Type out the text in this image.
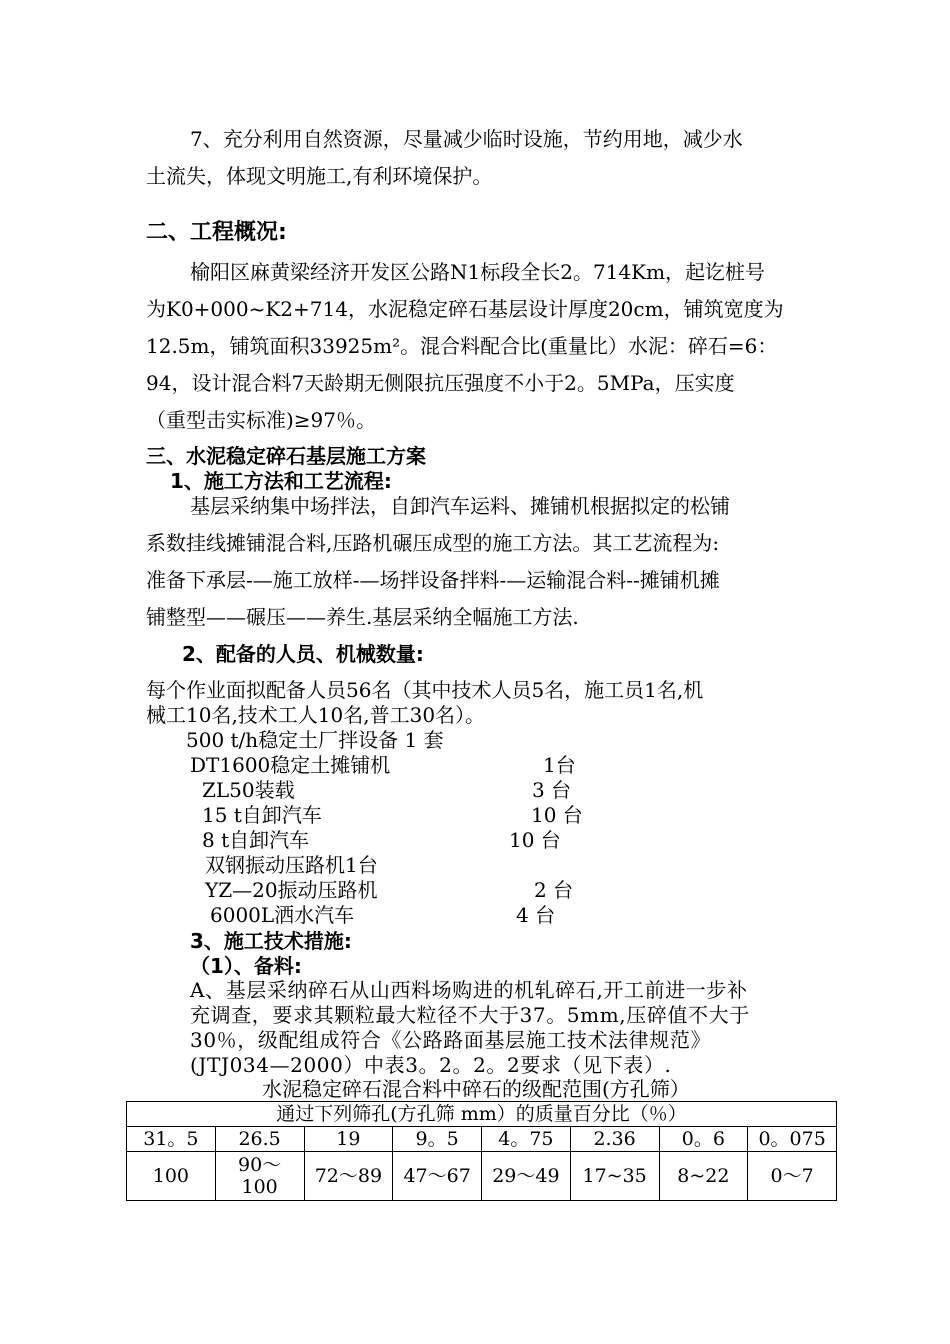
7、充分利用自然资源，尽量减少临时设施，节约用地，减少水
土流失，体现文明施工,有利环境保护。
二、工程概况:
榆阳区麻黄梁经济开发区公路N1标段全长2。714Km，起讫桩号
为K0+000~K2+714，水泥稳定碎石基层设计厚度20cm，铺筑宽度为
12.5m，铺筑面积33925m²。混合料配合比(重量比）水泥：碎石=6：
94，设计混合料7天龄期无侧限抗压强度不小于2。5MPa，压实度
（重型击实标准)≥97％。
三、水泥稳定碎石基层施工方案
1、施工方法和工艺流程:
基层采纳集中场拌法，自卸汽车运料、摊铺机根据拟定的松铺
系数挂线摊铺混合料,压路机碾压成型的施工方法。其工艺流程为:
准备下承层-—施工放样-—场拌设备拌料-—运输混合料--摊铺机摊
铺整型——碾压——养生.基层采纳全幅施工方法.
2、配备的人员、机械数量:
每个作业面拟配备人员56名（其中技术人员5名，施工员1名,机
械工10名,技术工人10名,普工30名）。
500 t/h稳定土厂拌设备 1 套
DT1600稳定土摊铺机	1台
ZL50装载	3 台
15 t自卸汽车	10 台
8 t自卸汽车	10 台
双钢振动压路机1台
YZ—20振动压路机	2 台
6000L洒水汽车	4 台
3、施工技术措施:
（1）、备料:
A、基层采纳碎石从山西料场购进的机轧碎石,开工前进一步补
充调查，要求其颗粒最大粒径不大于37。5mm,压碎值不大于
30％，级配组成符合《公路路面基层施工技术法律规范》
(JTJ034—2000）中表3。2。2。2要求（见下表）.
水泥稳定碎石混合料中碎石的级配范围(方孔筛）
通过下列筛孔(方孔筛 mm）的质量百分比（％）							
31。5	26.5	19	9。5	4。75	2.36	0。6	0。075
100	90～100	72～89	47～67	29～49	17~35	8~22	0～7
